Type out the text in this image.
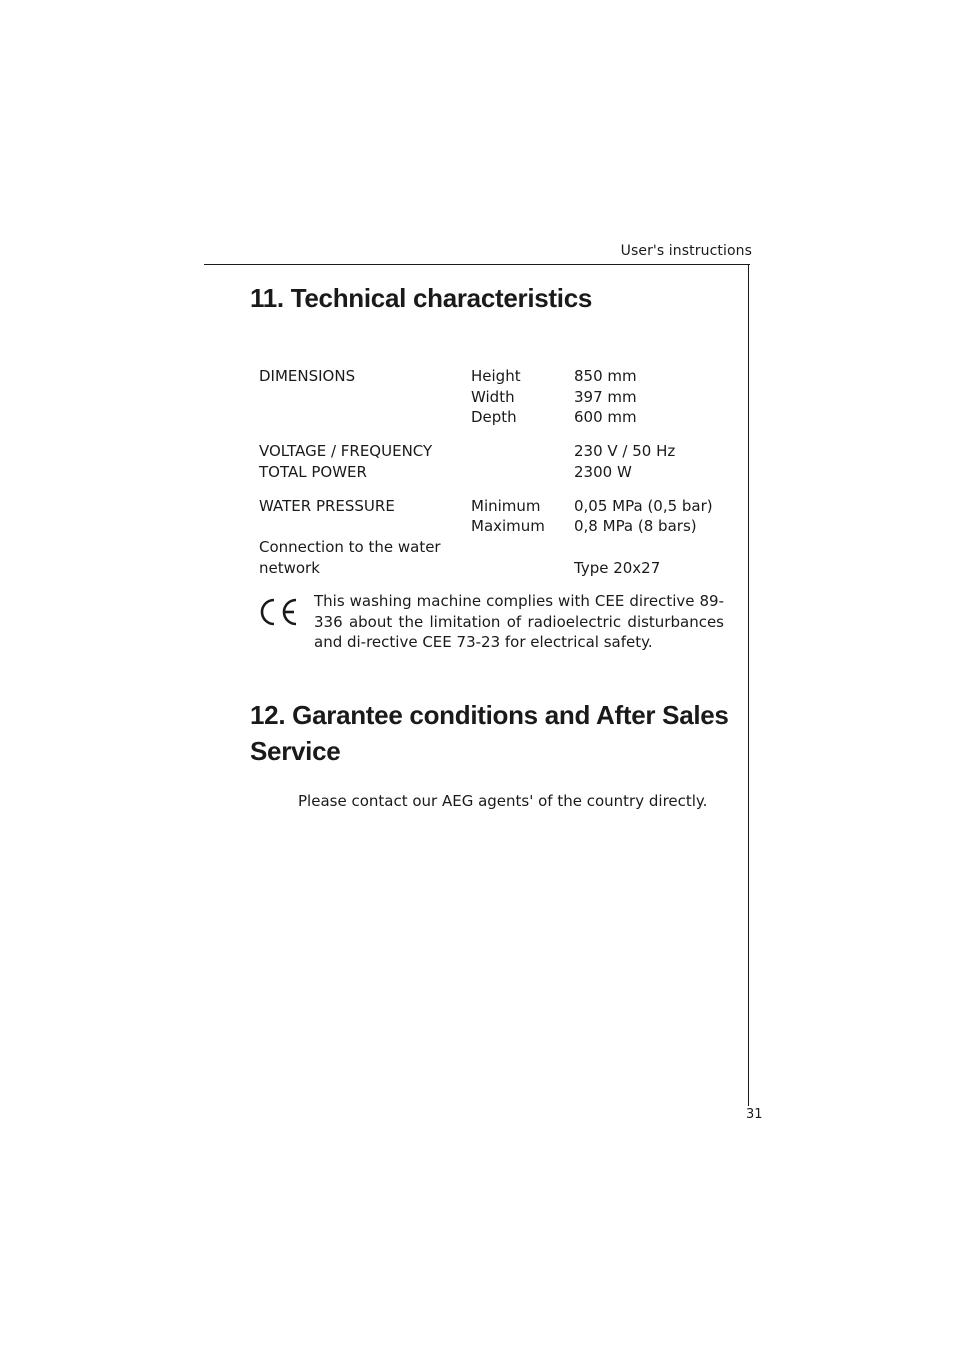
User's instructions
11. Technical characteristics
DIMENSIONS	Height	850 mm
Width	397 mm
Depth	600 mm
VOLTAGE / FREQUENCY	230 V / 50 Hz
TOTAL POWER	2300 W
WATER PRESSURE	Minimum 0,05 MPa (0,5 bar)
Maximum 0,8 MPa (8 bars)
Connection to the water
network	Type 20x27
This washing machine complies with CEE directive 89-336 about the limitation of radioelectric disturbances and di-rective CEE 73-23 for electrical safety.
12. Garantee conditions and After Sales Service
Please contact our AEG agents' of the country directly.
31
